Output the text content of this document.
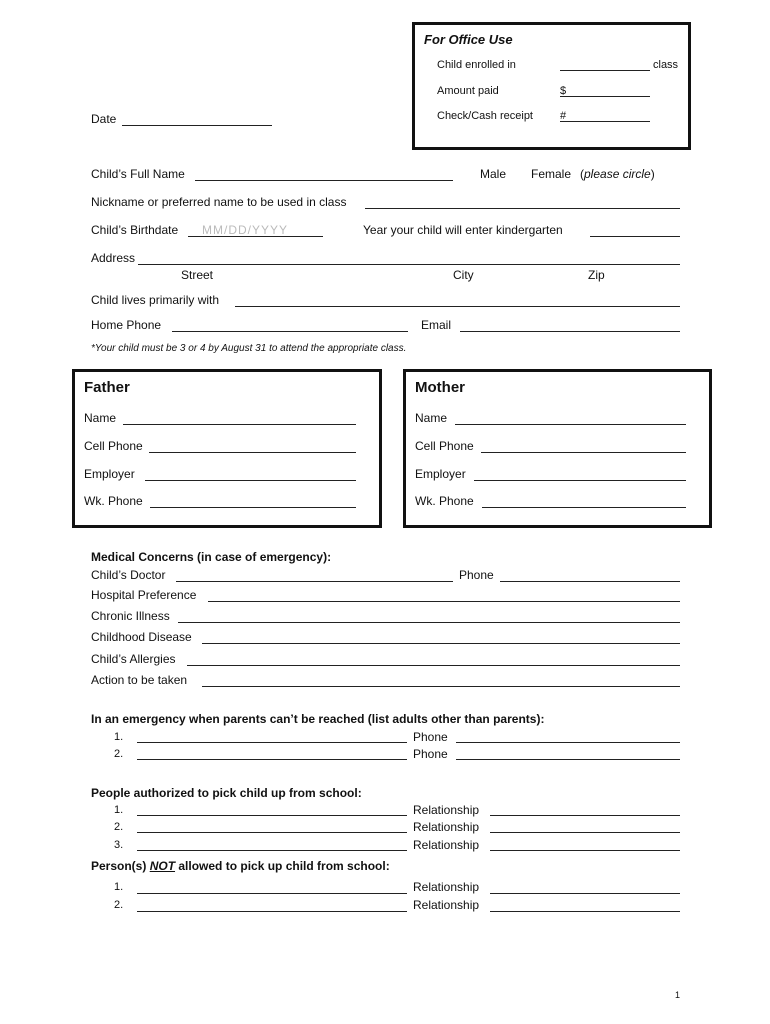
For Office Use
Child enrolled in	class
Amount paid	$
Check/Cash receipt #
Date
Child’s Full Name	Male Female (please circle)
Nickname or preferred name to be used in class
Child’s Birthdate MM/DD/YYYY	Year your child will enter kindergarten
Address
Street	City	Zip
Child lives primarily with
Home Phone	Email
*Your child must be 3 or 4 by August 31 to attend the appropriate class.
Father
Name
Cell Phone
Employer
Wk. Phone
Mother
Name
Cell Phone
Employer
Wk. Phone
Medical Concerns (in case of emergency):
Child’s Doctor	Phone
Hospital Preference
Chronic Illness
Childhood Disease
Child’s Allergies
Action to be taken
In an emergency when parents can’t be reached (list adults other than parents):
1.	Phone
2.	Phone
People authorized to pick child up from school:
1.	Relationship
2.	Relationship
3.	Relationship
Person(s) NOT allowed to pick up child from school:
1.	Relationship
2.	Relationship
1
